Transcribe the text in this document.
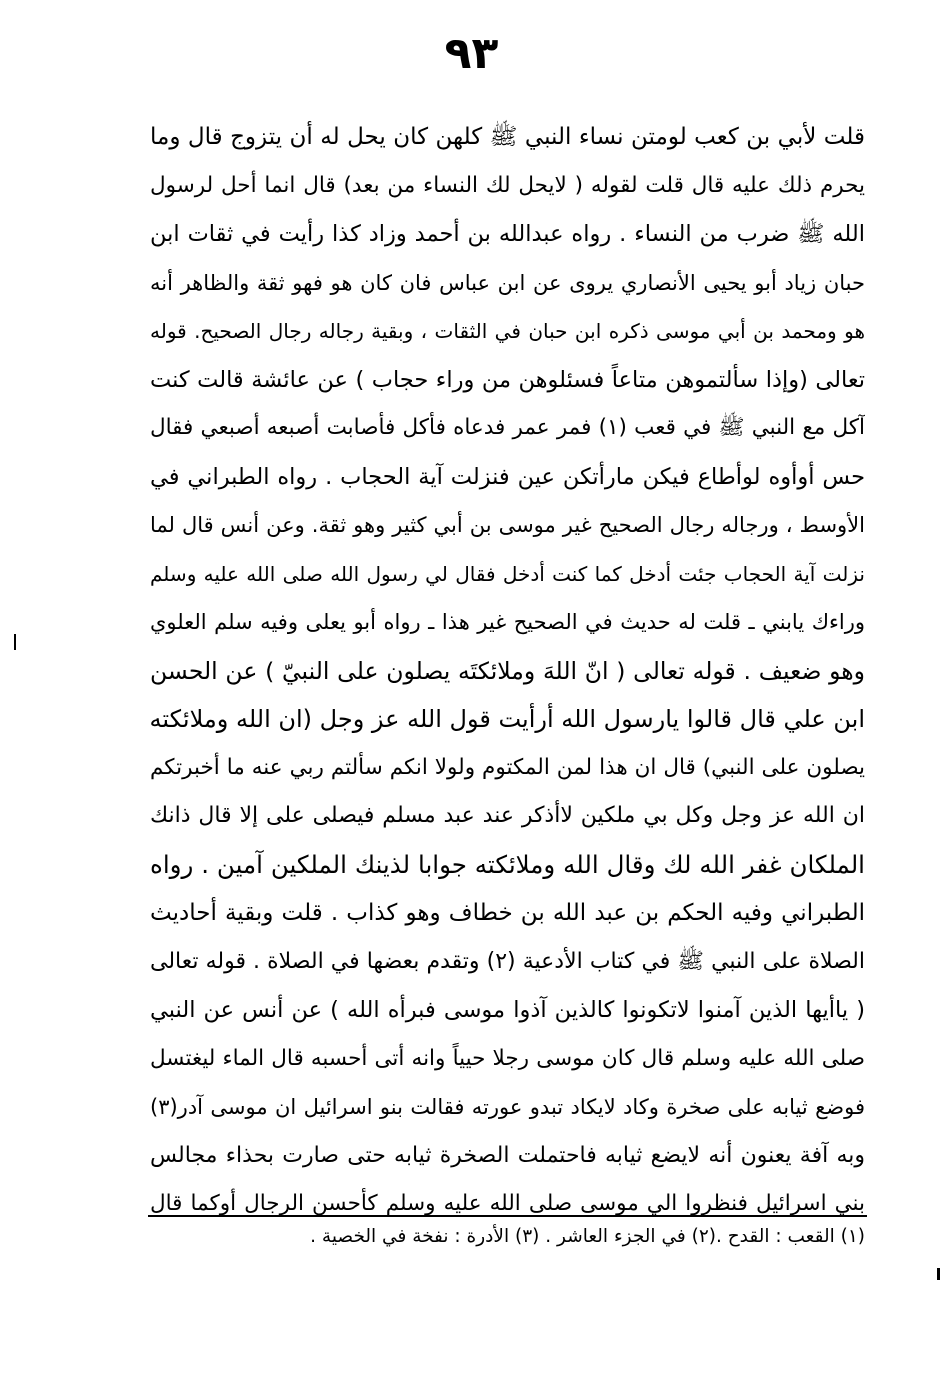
٩٣
قلت لأبي بن كعب لومتن نساء النبي ﷺ كلهن كان يحل له أن يتزوج قال وما
يحرم ذلك عليه قال قلت لقوله ( لايحل لك النساء من بعد) قال انما أحل لرسول
الله ﷺ ضرب من النساء . رواه عبدالله بن أحمد وزاد كذا رأيت في ثقات ابن
حبان زياد أبو يحيى الأنصاري يروى عن ابن عباس فان كان هو فهو ثقة والظاهر أنه
هو ومحمد بن أبي موسى ذكره ابن حبان في الثقات ، وبقية رجاله رجال الصحيح. قوله
تعالى (وإذا سألتموهن متاعاً فسئلوهن من وراء حجاب ) عن عائشة قالت كنت
آكل مع النبي ﷺ في قعب (١) فمر عمر فدعاه فأكل فأصابت أصبعه أصبعي فقال
حس أوأوه لوأطاع فيكن مارأتكن عين فنزلت آية الحجاب . رواه الطبراني في
الأوسط ، ورجاله رجال الصحيح غير موسى بن أبي كثير وهو ثقة. وعن أنس قال لما
نزلت آية الحجاب جئت أدخل كما كنت أدخل فقال لي رسول الله صلى الله عليه وسلم
وراءك يابني ـ قلت له حديث في الصحيح غير هذا ـ رواه أبو يعلى وفيه سلم العلوي
وهو ضعيف . قوله تعالى ( انّ اللهَ وملائكتَه يصلون على النبيّ ) عن الحسن
ابن علي قال قالوا يارسول الله أرأيت قول الله عز وجل (ان الله وملائكته
يصلون على النبي) قال ان هذا لمن المكتوم ولولا انكم سألتم ربي عنه ما أخبرتكم
ان الله عز وجل وكل بي ملكين لاأذكر عند عبد مسلم فيصلى على إلا قال ذانك
الملكان غفر الله لك وقال الله وملائكته جوابا لذينك الملكين آمين . رواه
الطبراني وفيه الحكم بن عبد الله بن خطاف وهو كذاب . قلت وبقية أحاديث
الصلاة على النبي ﷺ في كتاب الأدعية (٢) وتقدم بعضها في الصلاة . قوله تعالى
( ياأيها الذين آمنوا لاتكونوا كالذين آذوا موسى فبرأه الله ) عن أنس عن النبي
صلى الله عليه وسلم قال كان موسى رجلا حيياً وانه أتى أحسبه قال الماء ليغتسل
فوضع ثيابه على صخرة وكاد لايكاد تبدو عورته فقالت بنو اسرائيل ان موسى آدر(٣)
وبه آفة يعنون أنه لايضع ثيابه فاحتملت الصخرة ثيابه حتى صارت بحذاء مجالس
بني اسرائيل فنظروا الي موسى صلى الله عليه وسلم كأحسن الرجال أوكما قال
(١) القعب : القدح .(٢) في الجزء العاشر . (٣) الأدرة : نفخة في الخصية .
